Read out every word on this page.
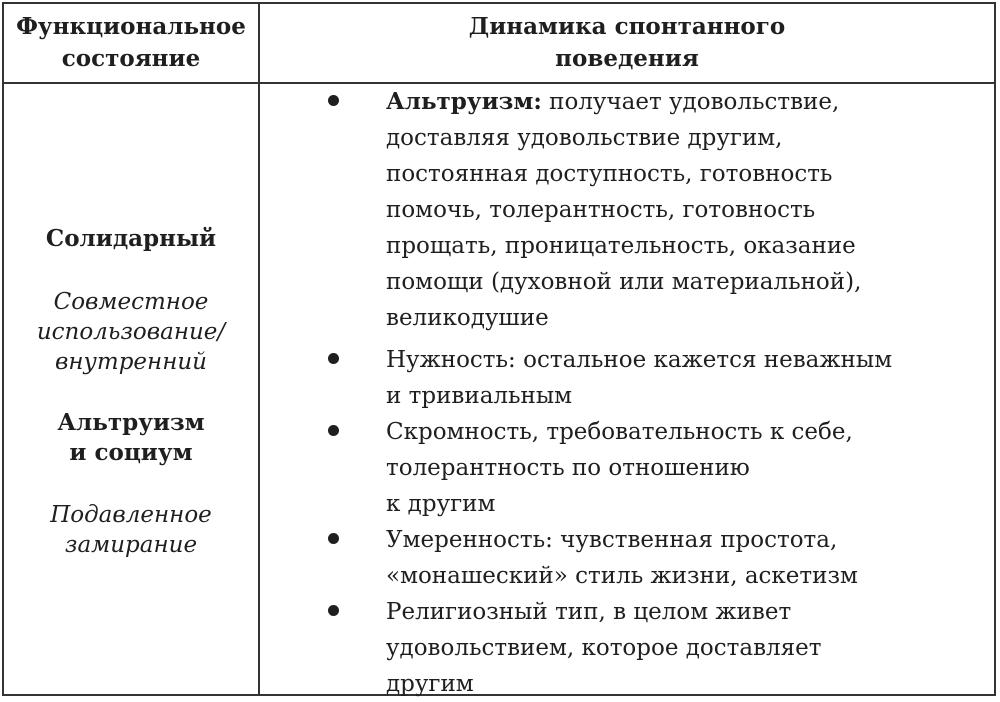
Функциональное
состояние
Динамика спонтанного
поведения
Солидарный
Совместное
использование/
внутренний
Альтруизм
и социум
Подавленное
замирание
Альтруизм: получает удовольствие,
доставляя удовольствие другим,
постоянная доступность, готовность
помочь, толерантность, готовность
прощать, проницательность, оказание
помощи (духовной или материальной),
великодушие
Нужность: остальное кажется неважным
и тривиальным
Скромность, требовательность к себе,
толерантность по отношению
к другим
Умеренность: чувственная простота,
«монашеский» стиль жизни, аскетизм
Религиозный тип, в целом живет
удовольствием, которое доставляет
другим
